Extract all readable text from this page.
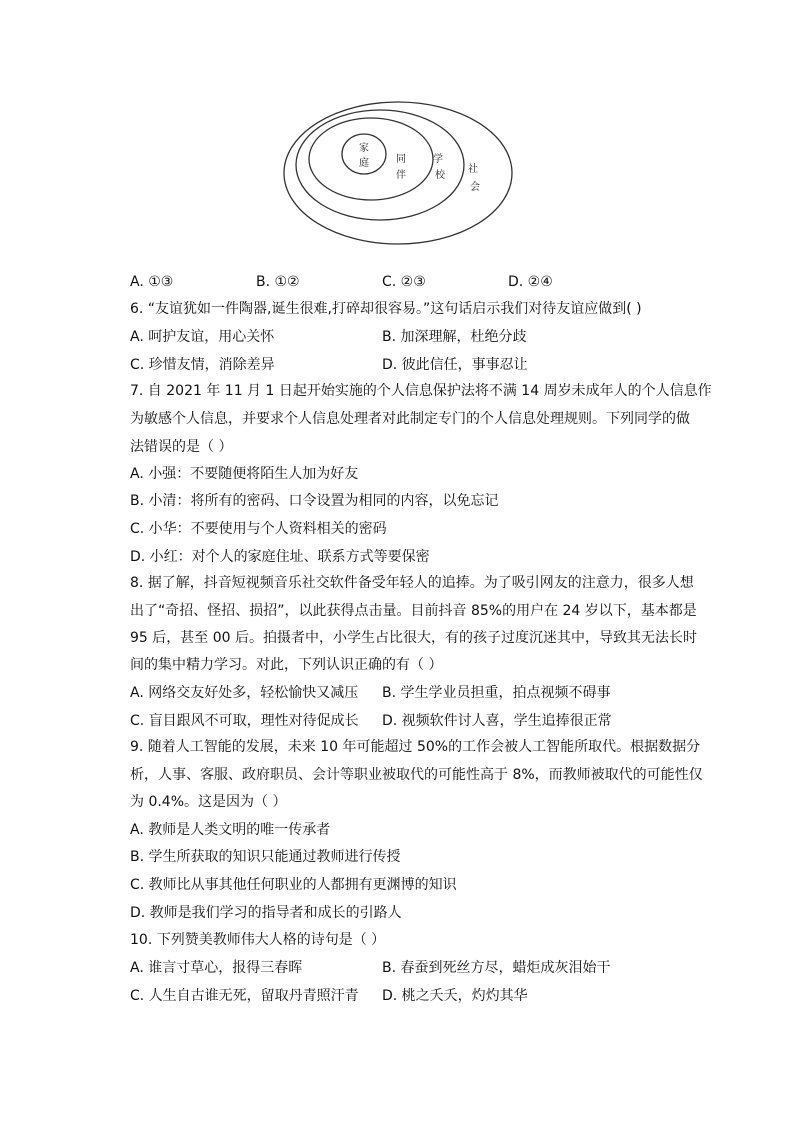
家
庭	同
伴
学
校
社
会
A. ①③	B. ①②	C. ②③	D. ②④
6. “友谊犹如一件陶器,诞生很难,打碎却很容易。”这句话启示我们对待友谊应做到( )
A. 呵护友谊，用心关怀	B. 加深理解，杜绝分歧
C. 珍惜友情，消除差异	D. 彼此信任，事事忍让
7. 自 2021 年 11 月 1 日起开始实施的个人信息保护法将不满 14 周岁未成年人的个人信息作
为敏感个人信息，并要求个人信息处理者对此制定专门的个人信息处理规则。下列同学的做
法错误的是（ ）
A. 小强：不要随便将陌生人加为好友
B. 小清：将所有的密码、口令设置为相同的内容，以免忘记
C. 小华：不要使用与个人资料相关的密码
D. 小红：对个人的家庭住址、联系方式等要保密
8. 据了解，抖音短视频音乐社交软件备受年轻人的追捧。为了吸引网友的注意力，很多人想
出了“奇招、怪招、损招”，以此获得点击量。目前抖音 85%的用户在 24 岁以下，基本都是
95 后，甚至 00 后。拍摄者中，小学生占比很大，有的孩子过度沉迷其中，导致其无法长时
间的集中精力学习。对此，下列认识正确的有（ ）
A. 网络交友好处多，轻松愉快又减压 B. 学生学业员担重，拍点视频不碍事
C. 盲目跟风不可取，理性对待促成长 D. 视频软件讨人喜，学生追捧很正常
9. 随着人工智能的发展，未来 10 年可能超过 50%的工作会被人工智能所取代。根据数据分
析，人事、客服、政府职员、会计等职业被取代的可能性高于 8%，而教师被取代的可能性仅
为 0.4%。这是因为（ ）
A. 教师是人类文明的唯一传承者
B. 学生所获取的知识只能通过教师进行传授
C. 教师比从事其他任何职业的人都拥有更渊博的知识
D. 教师是我们学习的指导者和成长的引路人
10. 下列赞美教师伟大人格的诗句是（ ）
A. 谁言寸草心，报得三春晖	B. 春蚕到死丝方尽，蜡炬成灰泪始干
C. 人生自古谁无死，留取丹青照汗青 D. 桃之夭夭，灼灼其华
